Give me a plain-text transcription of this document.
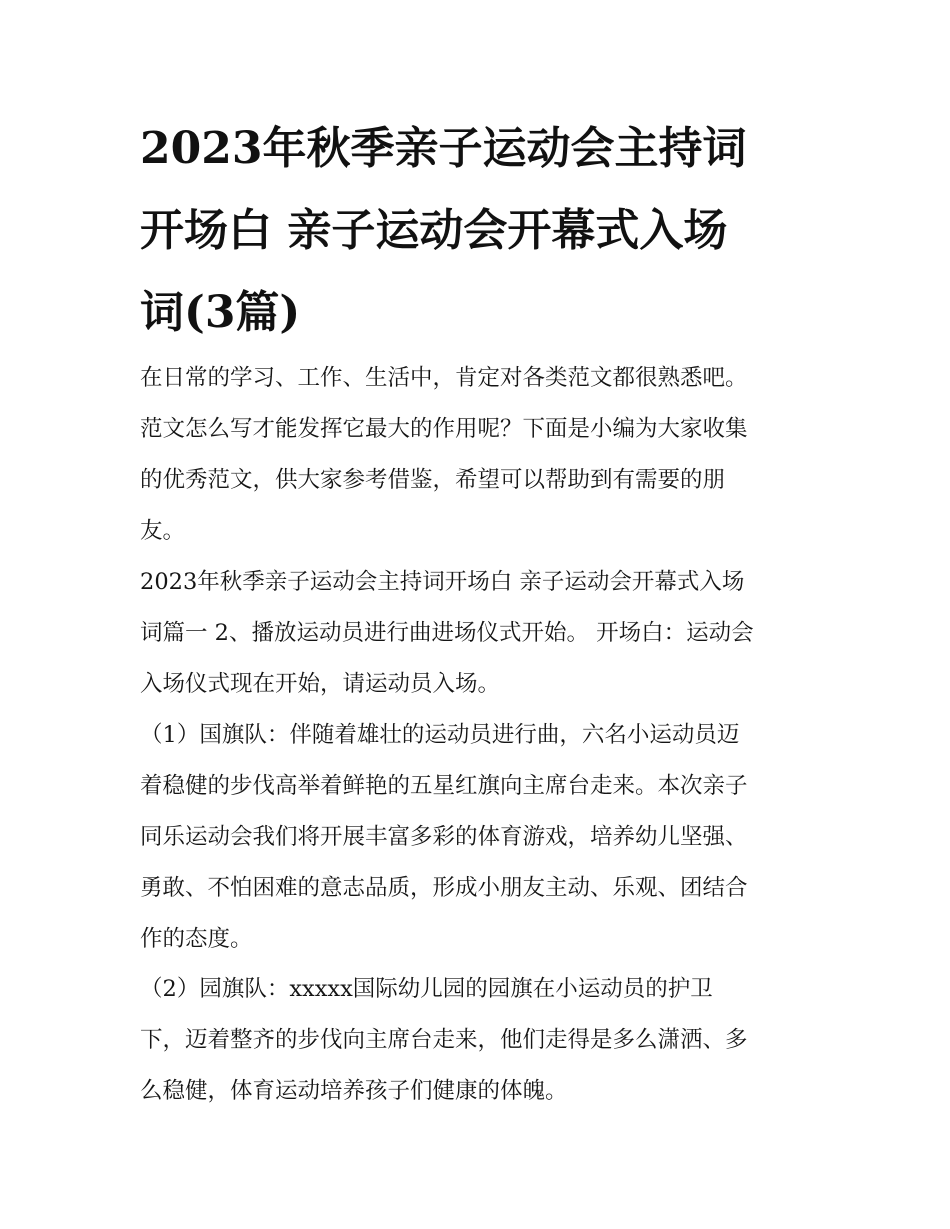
2023年秋季亲子运动会主持词
开场白 亲子运动会开幕式入场
词(3篇)
在日常的学习、工作、生活中，肯定对各类范文都很熟悉吧。
范文怎么写才能发挥它最大的作用呢？下面是小编为大家收集
的优秀范文，供大家参考借鉴，希望可以帮助到有需要的朋
友。
2023年秋季亲子运动会主持词开场白 亲子运动会开幕式入场
词篇一 2、播放运动员进行曲进场仪式开始。 开场白：运动会
入场仪式现在开始，请运动员入场。
（1）国旗队：伴随着雄壮的运动员进行曲，六名小运动员迈
着稳健的步伐高举着鲜艳的五星红旗向主席台走来。本次亲子
同乐运动会我们将开展丰富多彩的体育游戏，培养幼儿坚强、
勇敢、不怕困难的意志品质，形成小朋友主动、乐观、团结合
作的态度。
（2）园旗队：xxxxx国际幼儿园的园旗在小运动员的护卫
下，迈着整齐的步伐向主席台走来，他们走得是多么潇洒、多
么稳健，体育运动培养孩子们健康的体魄。
